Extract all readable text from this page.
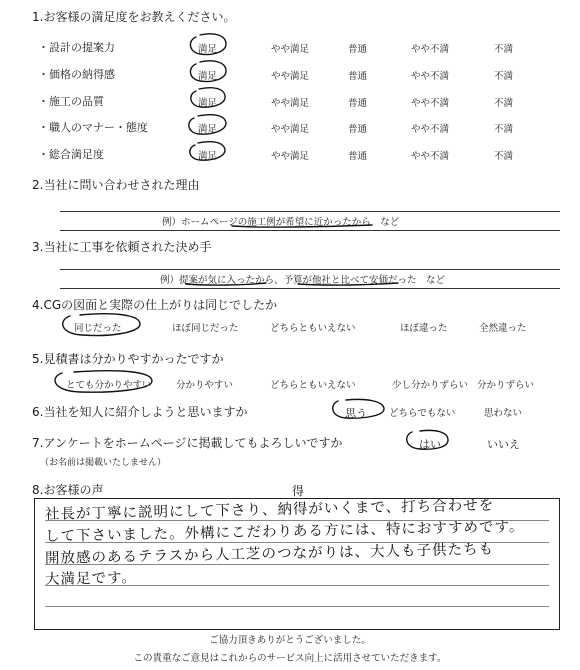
1.お客様の満足度をお教えください。
・設計の提案力	満足	やや満足	普通	やや不満	不満
・価格の納得感	満足	やや満足	普通	やや不満	不満
・施工の品質	満足	やや満足	普通	やや不満	不満
・職人のマナー・態度	満足	やや満足	普通	やや不満	不満
・総合満足度	満足	やや満足	普通	やや不満	不満
2.当社に問い合わせされた理由
例）ホームページの施工例が希望に近かったから　など
3.当社に工事を依頼された決め手
例）提案が気に入ったから、予算が他社と比べて安価だった　など
4.CGの図面と実際の仕上がりは同じでしたか
同じだった	ほぼ同じだった	どちらともいえない	ほぼ違った	全然違った
5.見積書は分かりやすかったですか
とても分かりやすい	分かりやすい	どちらともいえない	少し分かりずらい 分かりずらい
6.当社を知人に紹介しようと思いますか	思う どちらでもない	思わない
7.アンケートをホームページに掲載してもよろしいですか
（お名前は掲載いたしません）
はい	いいえ
8.お客様の声	得
社長が丁寧に説明にして下さり、納得がいくまで、打ち合わせを
して下さいました。外構にこだわりある方には、特におすすめです。
開放感のあるテラスから人工芝のつながりは、大人も子供たちも
大満足です。
ご協力頂きありがとうございました。
この貴重なご意見はこれからのサービス向上に活用させていただきます。
